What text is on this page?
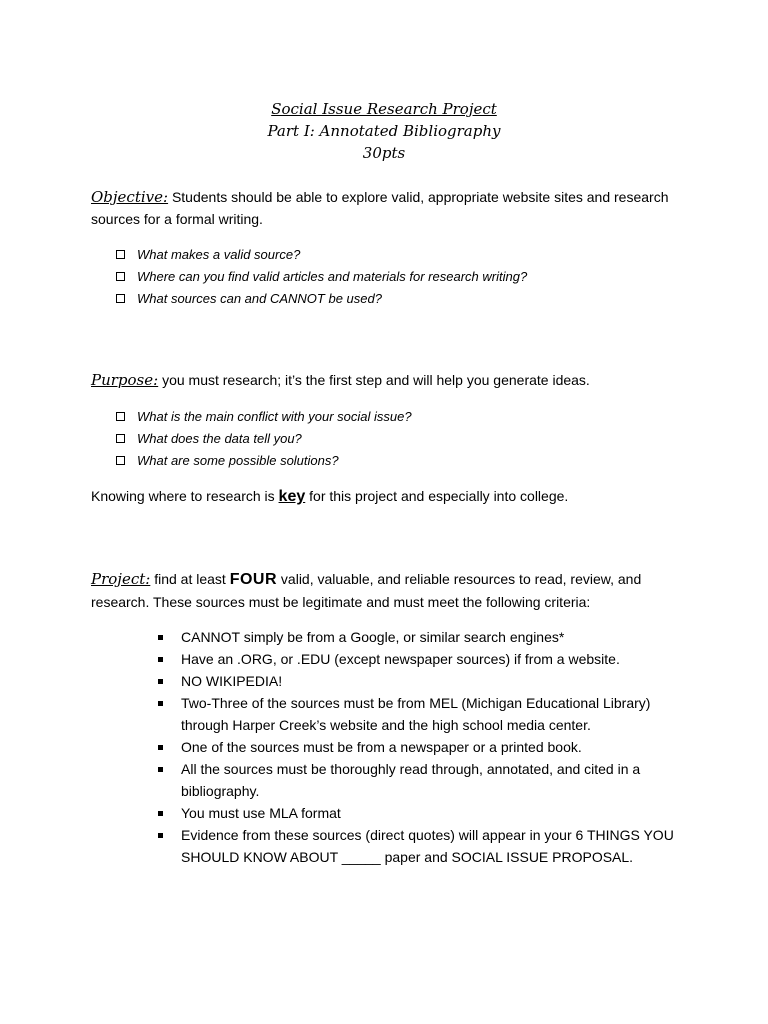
Social Issue Research Project
Part I: Annotated Bibliography
30pts
Objective: Students should be able to explore valid, appropriate website sites and research sources for a formal writing.
What makes a valid source?
Where can you find valid articles and materials for research writing?
What sources can and CANNOT be used?
Purpose: you must research; it’s the first step and will help you generate ideas.
What is the main conflict with your social issue?
What does the data tell you?
What are some possible solutions?
Knowing where to research is key for this project and especially into college.
Project: find at least FOUR valid, valuable, and reliable resources to read, review, and research. These sources must be legitimate and must meet the following criteria:
CANNOT simply be from a Google, or similar search engines*
Have an .ORG, or .EDU (except newspaper sources) if from a website.
NO WIKIPEDIA!
Two-Three of the sources must be from MEL (Michigan Educational Library) through Harper Creek’s website and the high school media center.
One of the sources must be from a newspaper or a printed book.
All the sources must be thoroughly read through, annotated, and cited in a bibliography.
You must use MLA format
Evidence from these sources (direct quotes) will appear in your 6 THINGS YOU SHOULD KNOW ABOUT _____ paper and SOCIAL ISSUE PROPOSAL.
